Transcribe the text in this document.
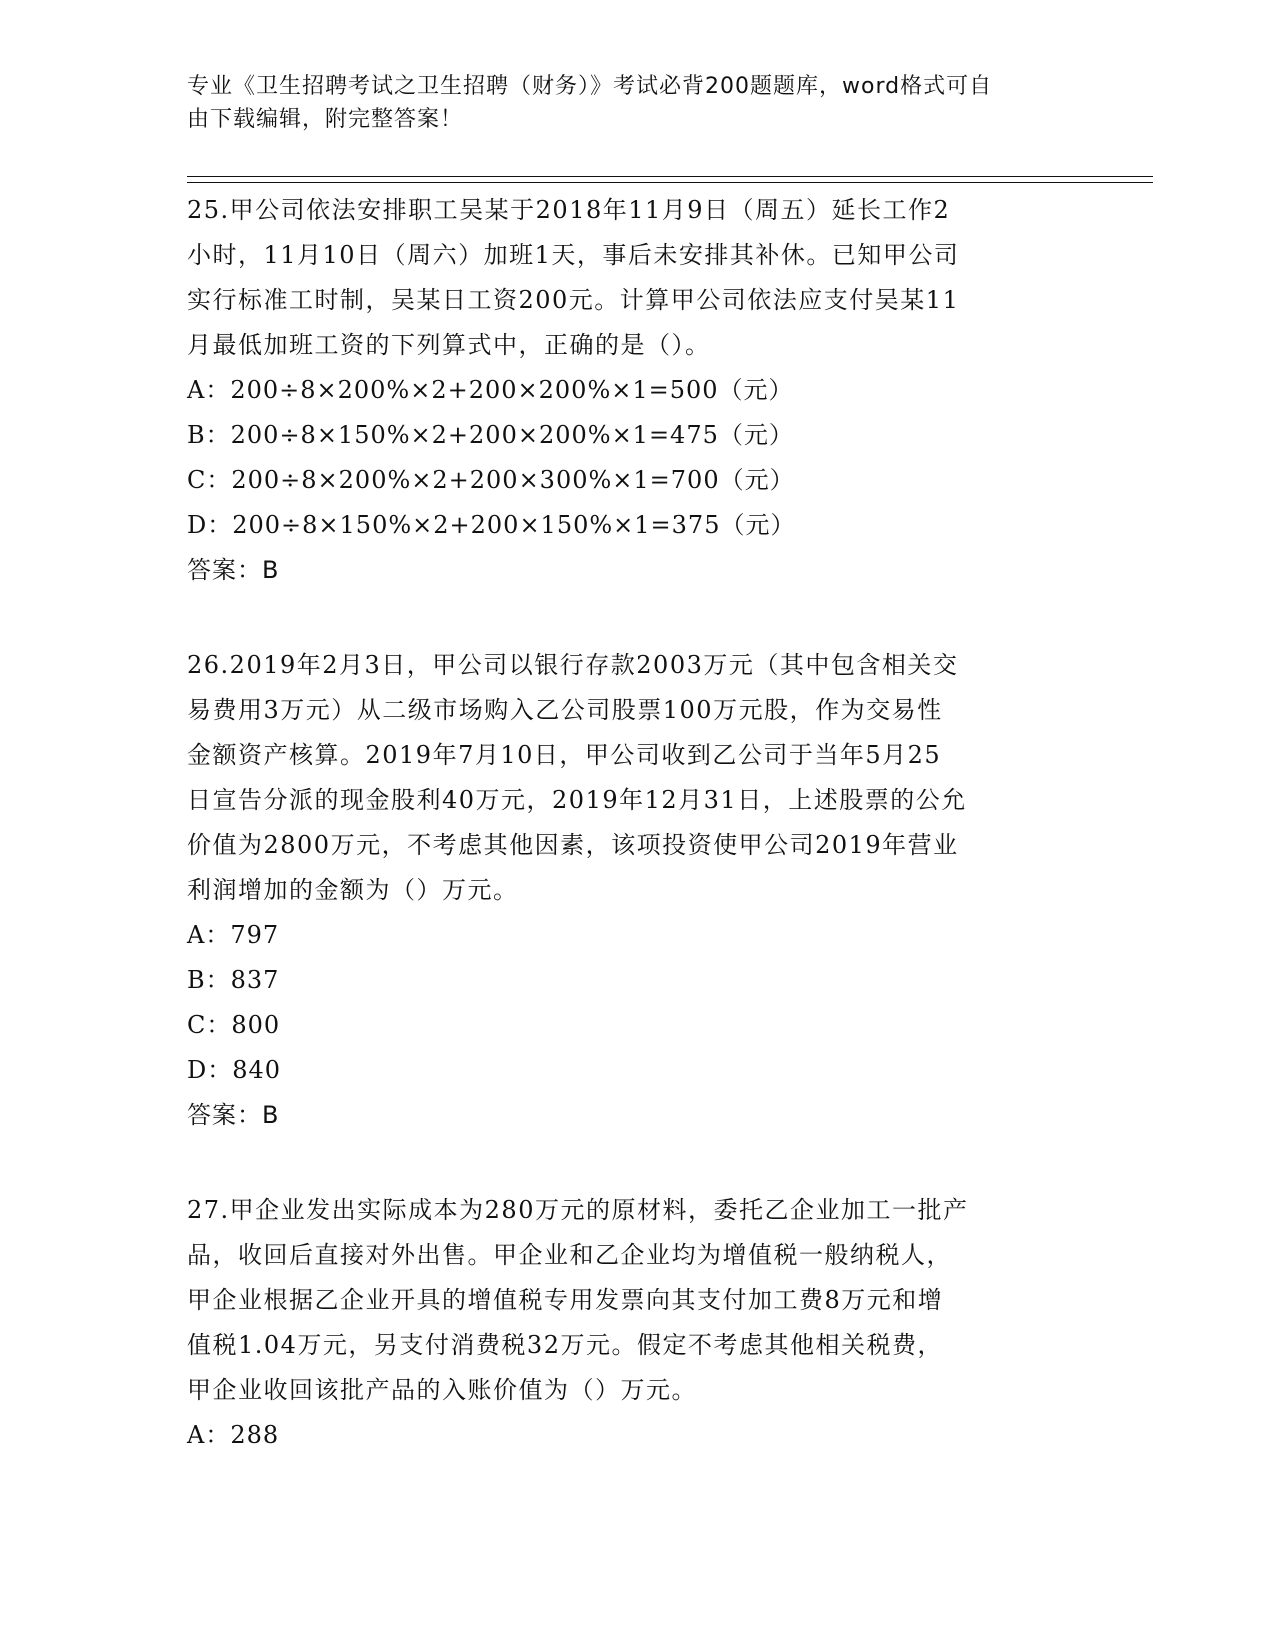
专业《卫生招聘考试之卫生招聘（财务）》考试必背200题题库，word格式可自
由下载编辑，附完整答案！

25.甲公司依法安排职工吴某于2018年11月9日（周五）延长工作2

小时，11月10日（周六）加班1天，事后未安排其补休。已知甲公司

实行标准工时制，吴某日工资200元。计算甲公司依法应支付吴某11

月最低加班工资的下列算式中，正确的是（）。

A：200÷8×200%×2+200×200%×1=500（元）

B：200÷8×150%×2+200×200%×1=475（元）

C：200÷8×200%×2+200×300%×1=700（元）

D：200÷8×150%×2+200×150%×1=375（元）

答案：B

26.2019年2月3日，甲公司以银行存款2003万元（其中包含相关交

易费用3万元）从二级市场购入乙公司股票100万元股，作为交易性

金额资产核算。2019年7月10日，甲公司收到乙公司于当年5月25

日宣告分派的现金股利40万元，2019年12月31日，上述股票的公允

价值为2800万元，不考虑其他因素，该项投资使甲公司2019年营业

利润增加的金额为（）万元。

A：797

B：837

C：800

D：840

答案：B

27.甲企业发出实际成本为280万元的原材料，委托乙企业加工一批产

品，收回后直接对外出售。甲企业和乙企业均为增值税一般纳税人，

甲企业根据乙企业开具的增值税专用发票向其支付加工费8万元和增

值税1.04万元，另支付消费税32万元。假定不考虑其他相关税费，

甲企业收回该批产品的入账价值为（）万元。

A：288
